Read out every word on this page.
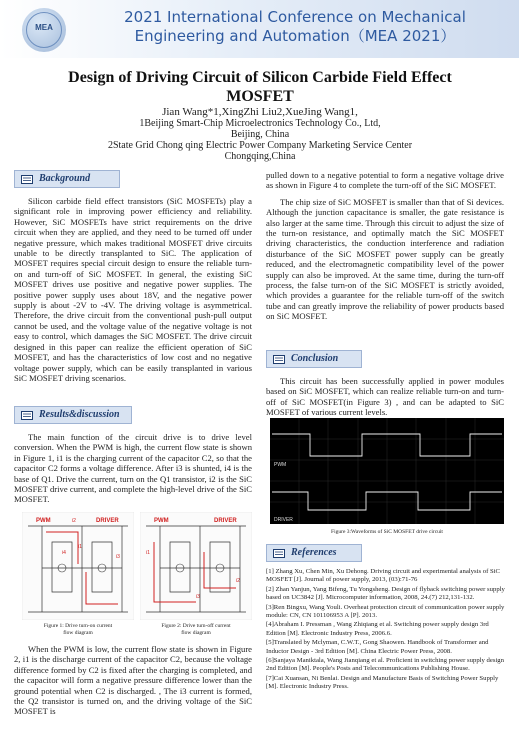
MEA
2021 International Conference on Mechanical
Engineering and Automation（MEA 2021）
Design of Driving Circuit of Silicon Carbide Field Effect
MOSFET
Jian Wang*1,XingZhi Liu2,XueJing Wang1,
1Beijing Smart-Chip Microelectronics Technology Co., Ltd,
Beijing, China
2State Grid Chong qing Electric Power Company Marketing Service Center
Chongqing,China
Background

Silicon carbide field effect transistors (SiC MOSFETs) play a significant role in improving power efficiency and reliability. However, SiC MOSFETs have strict requirements on the drive circuit when they are applied, and they need to be turned off under negative pressure, which makes traditional MOSFET drive circuits unable to be directly transplanted to SiC. The application of MOSFET requires special circuit design to ensure the reliable turn-on and turn-off of SiC MOSFET. In general, the existing SiC MOSFET drives use positive and negative power supplies. The positive power supply uses about 18V, and the negative power supply is about -2V to -4V. The driving voltage is asymmetrical. Therefore, the drive circuit from the conventional push-pull output cannot be used, and the voltage value of the negative voltage is not easy to control, which damages the SiC MOSFET. The drive circuit designed in this paper can realize the efficient operation of SiC MOSFET, and has the characteristics of low cost and no negative voltage power supply, which can be easily transplanted in various SiC MOSFET driving scenarios.

Results&discussion

The main function of the circuit drive is to drive level conversion. When the PWM is high, the current flow state is shown in Figure 1, i1 is the charging current of the capacitor C2, so that the capacitor C2 forms a voltage difference. After i3 is shunted, i4 is the base of Q1. Drive the current, turn on the Q1 transistor, i2 is the SiC MOSFET drive current, and complete the high-level drive of the SiC MOSFET.

PWM	DRIVER
i2
i4
i1
i3
Figure 1: Drive turn-on current
flow diagram
PWM	DRIVER
i1
i3
i2
Figure 2: Drive turn-off current
flow diagram

When the PWM is low, the current flow state is shown in Figure 2, i1 is the discharge current of the capacitor C2, because the voltage difference formed by C2 is fixed after the charging is completed, and the capacitor will form a negative pressure difference lower than the ground potential when C2 is discharged. , The i3 current is formed, the Q2 transistor is turned on, and the driving voltage of the SiC MOSFET is

pulled down to a negative potential to form a negative voltage drive as shown in Figure 4 to complete the turn-off of the SiC MOSFET.

The chip size of SiC MOSFET is smaller than that of Si devices. Although the junction capacitance is smaller, the gate resistance is also larger at the same time. Through this circuit to adjust the size of the turn-on resistance, and optimally match the SiC MOSFET driving characteristics, the conduction interference and radiation disturbance of the SiC MOSFET power supply can be greatly reduced, and the electromagnetic compatibility level of the power supply can also be improved. At the same time, during the turn-off process, the false turn-on of the SiC MOSFET is strictly avoided, which provides a guarantee for the reliable turn-off of the switch tube and can greatly improve the reliability of power products based on SiC MOSFET.

Conclusion

This circuit has been successfully applied in power modules based on SiC MOSFET, which can realize reliable turn-on and turn-off of SiC MOSFET(in Figure 3) , and can be adapted to SiC MOSFET of various current levels.

PWM
DRIVER
Figure 3:Waveforms of SiC MOSFET drive circuit
References
[1] Zhang Xu, Chen Min, Xu Dehong. Driving circuit and experimental analysis of SiC MOSFET [J]. Journal of power supply, 2013, (03):71-76
[2] Zhan Yanjun, Yang Bifeng, Tu Yongsheng. Design of flyback switching power supply based on UC3842 [J]. Microcomputer information, 2008, 24.(7) 212,131-132.
[3]Ren Bingxu, Wang Youli. Overheat protection circuit of communication power supply module: CN, CN 101106953 A [P]. 2013.
[4]Abraham I. Pressman , Wang Zhiqiang et al. Switching power supply design 3rd Edition [M]. Electronic Industry Press, 2006.6.
[5]Translated by Mclyman, C.W.T., Gong Shaowen. Handbook of Transformer and Inductor Design - 3rd Edition [M]. China Electric Power Press, 2008.
[6]Sanjaya Maniktala, Wang Jianqiang et al. Proficient in switching power supply design 2nd Edition [M]. People's Posts and Telecommunications Publishing House.
[7]Cai Xuansan, Ni Benlai. Design and Manufacture Basis of Switching Power Supply [M]. Electronic Industry Press.
